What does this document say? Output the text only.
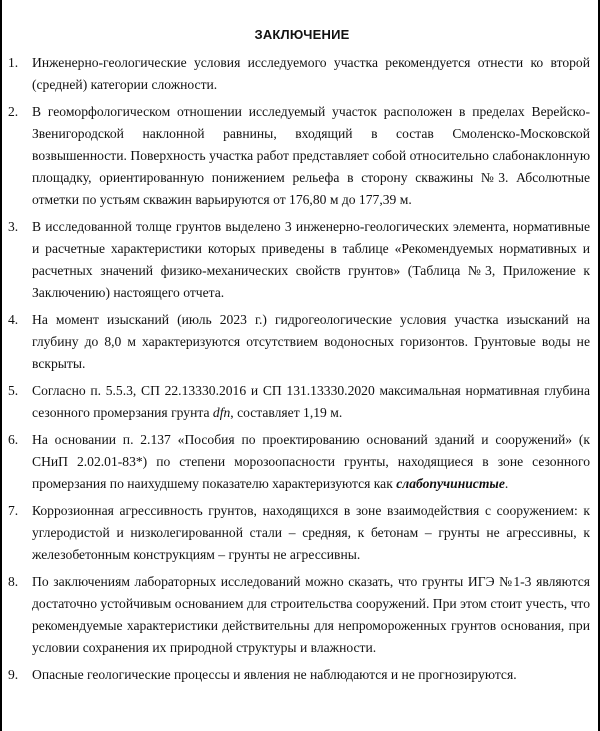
ЗАКЛЮЧЕНИЕ
1.	Инженерно-геологические условия исследуемого участка рекомендуется отнести ко второй (средней) категории сложности.
2.	В геоморфологическом отношении исследуемый участок расположен в пределах Верейско-Звенигородской наклонной равнины, входящий в состав Смоленско-Московской возвышенности. Поверхность участка работ представляет собой относительно слабонаклонную площадку, ориентированную понижением рельефа в сторону скважины №3. Абсолютные отметки по устьям скважин варьируются от 176,80 м до 177,39 м.
3.	В исследованной толще грунтов выделено 3 инженерно-геологических элемента, нормативные и расчетные характеристики которых приведены в таблице «Рекомендуемых нормативных и расчетных значений физико-механических свойств грунтов» (Таблица №3, Приложение к Заключению) настоящего отчета.
4.	На момент изысканий (июль 2023 г.) гидрогеологические условия участка изысканий на глубину до 8,0 м характеризуются отсутствием водоносных горизонтов. Грунтовые воды не вскрыты.
5.	Согласно п. 5.5.3, СП 22.13330.2016 и СП 131.13330.2020 максимальная нормативная глубина сезонного промерзания грунта dfn, составляет 1,19 м.
6.	На основании п. 2.137 «Пособия по проектированию оснований зданий и сооружений» (к СНиП 2.02.01-83*) по степени морозоопасности грунты, находящиеся в зоне сезонного промерзания по наихудшему показателю характеризуются как слабопучинистые.
7.	Коррозионная агрессивность грунтов, находящихся в зоне взаимодействия с сооружением: к углеродистой и низколегированной стали – средняя, к бетонам – грунты не агрессивны, к железобетонным конструкциям – грунты не агрессивны.
8.	По заключениям лабораторных исследований можно сказать, что грунты ИГЭ №1-3 являются достаточно устойчивым основанием для строительства сооружений. При этом стоит учесть, что рекомендуемые характеристики действительны для непромороженных грунтов основания, при условии сохранения их природной структуры и влажности.
9.	Опасные геологические процессы и явления не наблюдаются и не прогнозируются.
